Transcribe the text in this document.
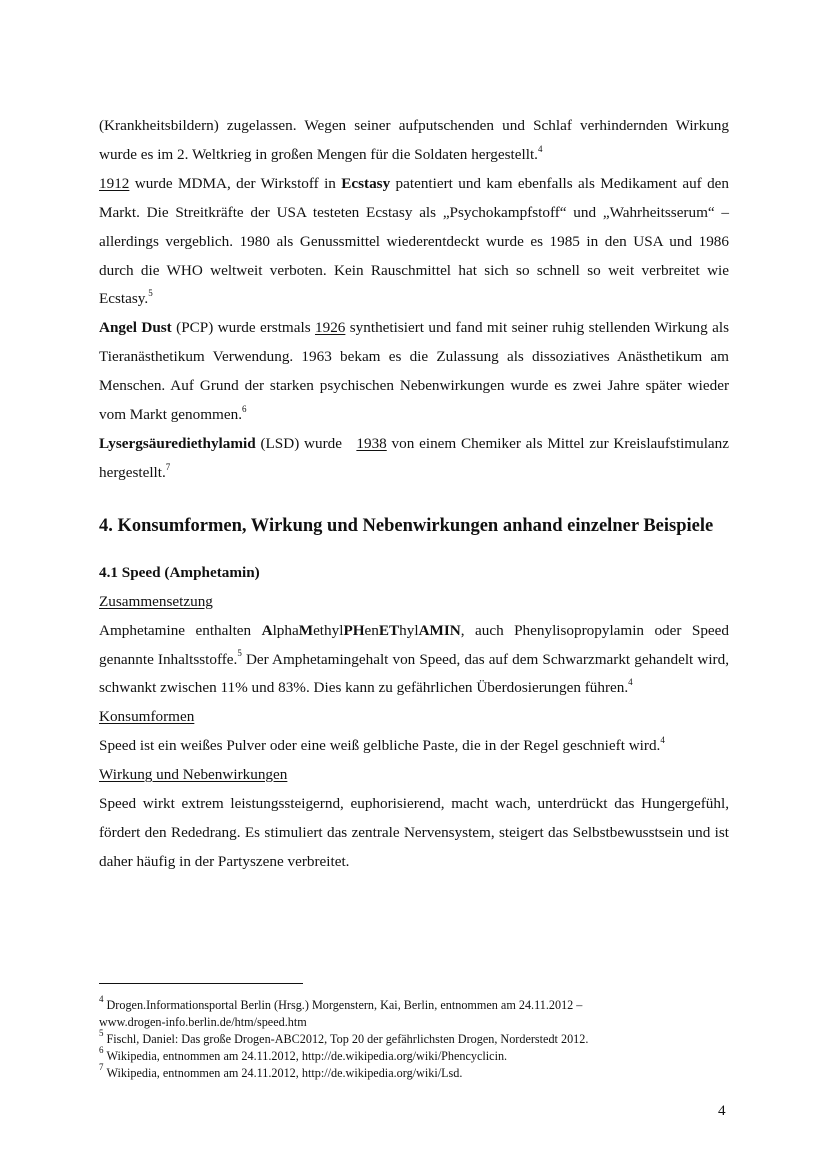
(Krankheitsbildern) zugelassen. Wegen seiner aufputschenden und Schlaf verhindernden Wirkung wurde es im 2. Weltkrieg in großen Mengen für die Soldaten hergestellt.$^4$

1912 wurde MDMA, der Wirkstoff in Ecstasy patentiert und kam ebenfalls als Medikament auf den Markt. Die Streitkräfte der USA testeten Ecstasy als „Psychokampfstoff“ und „Wahrheitsserum“ – allerdings vergeblich. 1980 als Genussmittel wiederentdeckt wurde es 1985 in den USA und 1986 durch die WHO weltweit verboten. Kein Rauschmittel hat sich so schnell so weit verbreitet wie Ecstasy.$^5$

Angel Dust (PCP) wurde erstmals 1926 synthetisiert und fand mit seiner ruhig stellenden Wirkung als Tieranästhetikum Verwendung. 1963 bekam es die Zulassung als dissoziatives Anästhetikum am Menschen. Auf Grund der starken psychischen Nebenwirkungen wurde es zwei Jahre später wieder vom Markt genommen.$^6$

Lysergsäurediethylamid (LSD) wurde   1938 von einem Chemiker als Mittel zur Kreislaufstimulanz hergestellt.$^7$

4. Konsumformen, Wirkung und Nebenwirkungen anhand einzelner Beispiele
4.1 Speed (Amphetamin)

Zusammensetzung

Amphetamine enthalten AlphaMethylPHenEThylAMIN, auch Phenylisopropylamin oder Speed genannte Inhaltsstoffe.$^5$ Der Amphetamingehalt von Speed, das auf dem Schwarzmarkt gehandelt wird, schwankt zwischen 11% und 83%. Dies kann zu gefährlichen Überdosierungen führen.$^4$

Konsumformen

Speed ist ein weißes Pulver oder eine weiß gelbliche Paste, die in der Regel geschnieft wird.$^4$

Wirkung und Nebenwirkungen

Speed wirkt extrem leistungssteigernd, euphorisierend, macht wach, unterdrückt das Hungergefühl, fördert den Rededrang. Es stimuliert das zentrale Nervensystem, steigert das Selbstbewusstsein und ist daher häufig in der Partyszene verbreitet.

$^4$ Drogen.Informationsportal Berlin (Hrsg.) Morgenstern, Kai, Berlin, entnommen am 24.11.2012 –
www.drogen-info.berlin.de/htm/speed.htm

$^5$ Fischl, Daniel: Das große Drogen-ABC2012, Top 20 der gefährlichsten Drogen, Norderstedt 2012.

$^6$ Wikipedia, entnommen am 24.11.2012, http://de.wikipedia.org/wiki/Phencyclicin.

$^7$ Wikipedia, entnommen am 24.11.2012, http://de.wikipedia.org/wiki/Lsd.

4
